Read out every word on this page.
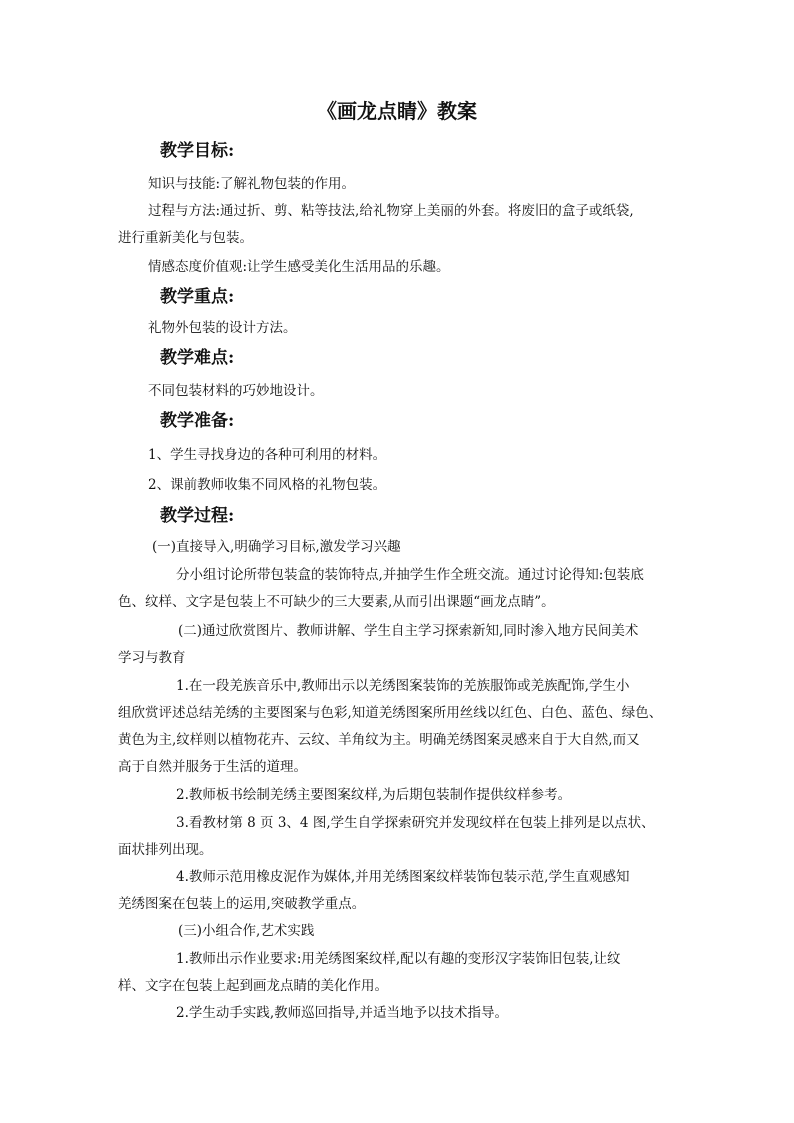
《画龙点睛》教案
教学目标:
知识与技能:了解礼物包装的作用。
过程与方法:通过折、剪、粘等技法,给礼物穿上美丽的外套。将废旧的盒子或纸袋,
进行重新美化与包装。
情感态度价值观:让学生感受美化生活用品的乐趣。
教学重点:
礼物外包装的设计方法。
教学难点:
不同包装材料的巧妙地设计。
教学准备:
1、学生寻找身边的各种可利用的材料。
2、课前教师收集不同风格的礼物包装。
教学过程:
(一)直接导入,明确学习目标,激发学习兴趣
分小组讨论所带包装盒的装饰特点,并抽学生作全班交流。通过讨论得知:包装底
色、纹样、文字是包装上不可缺少的三大要素,从而引出课题“画龙点睛”。
(二)通过欣赏图片、教师讲解、学生自主学习探索新知,同时渗入地方民间美术
学习与教育
1.在一段羌族音乐中,教师出示以羌绣图案装饰的羌族服饰或羌族配饰,学生小
组欣赏评述总结羌绣的主要图案与色彩,知道羌绣图案所用丝线以红色、白色、蓝色、绿色、
黄色为主,纹样则以植物花卉、云纹、羊角纹为主。明确羌绣图案灵感来自于大自然,而又
高于自然并服务于生活的道理。
2.教师板书绘制羌绣主要图案纹样,为后期包装制作提供纹样参考。
3.看教材第 8 页 3、4 图,学生自学探索研究并发现纹样在包装上排列是以点状、
面状排列出现。
4.教师示范用橡皮泥作为媒体,并用羌绣图案纹样装饰包装示范,学生直观感知
羌绣图案在包装上的运用,突破教学重点。
(三)小组合作,艺术实践
1.教师出示作业要求:用羌绣图案纹样,配以有趣的变形汉字装饰旧包装,让纹
样、文字在包装上起到画龙点睛的美化作用。
2.学生动手实践,教师巡回指导,并适当地予以技术指导。
